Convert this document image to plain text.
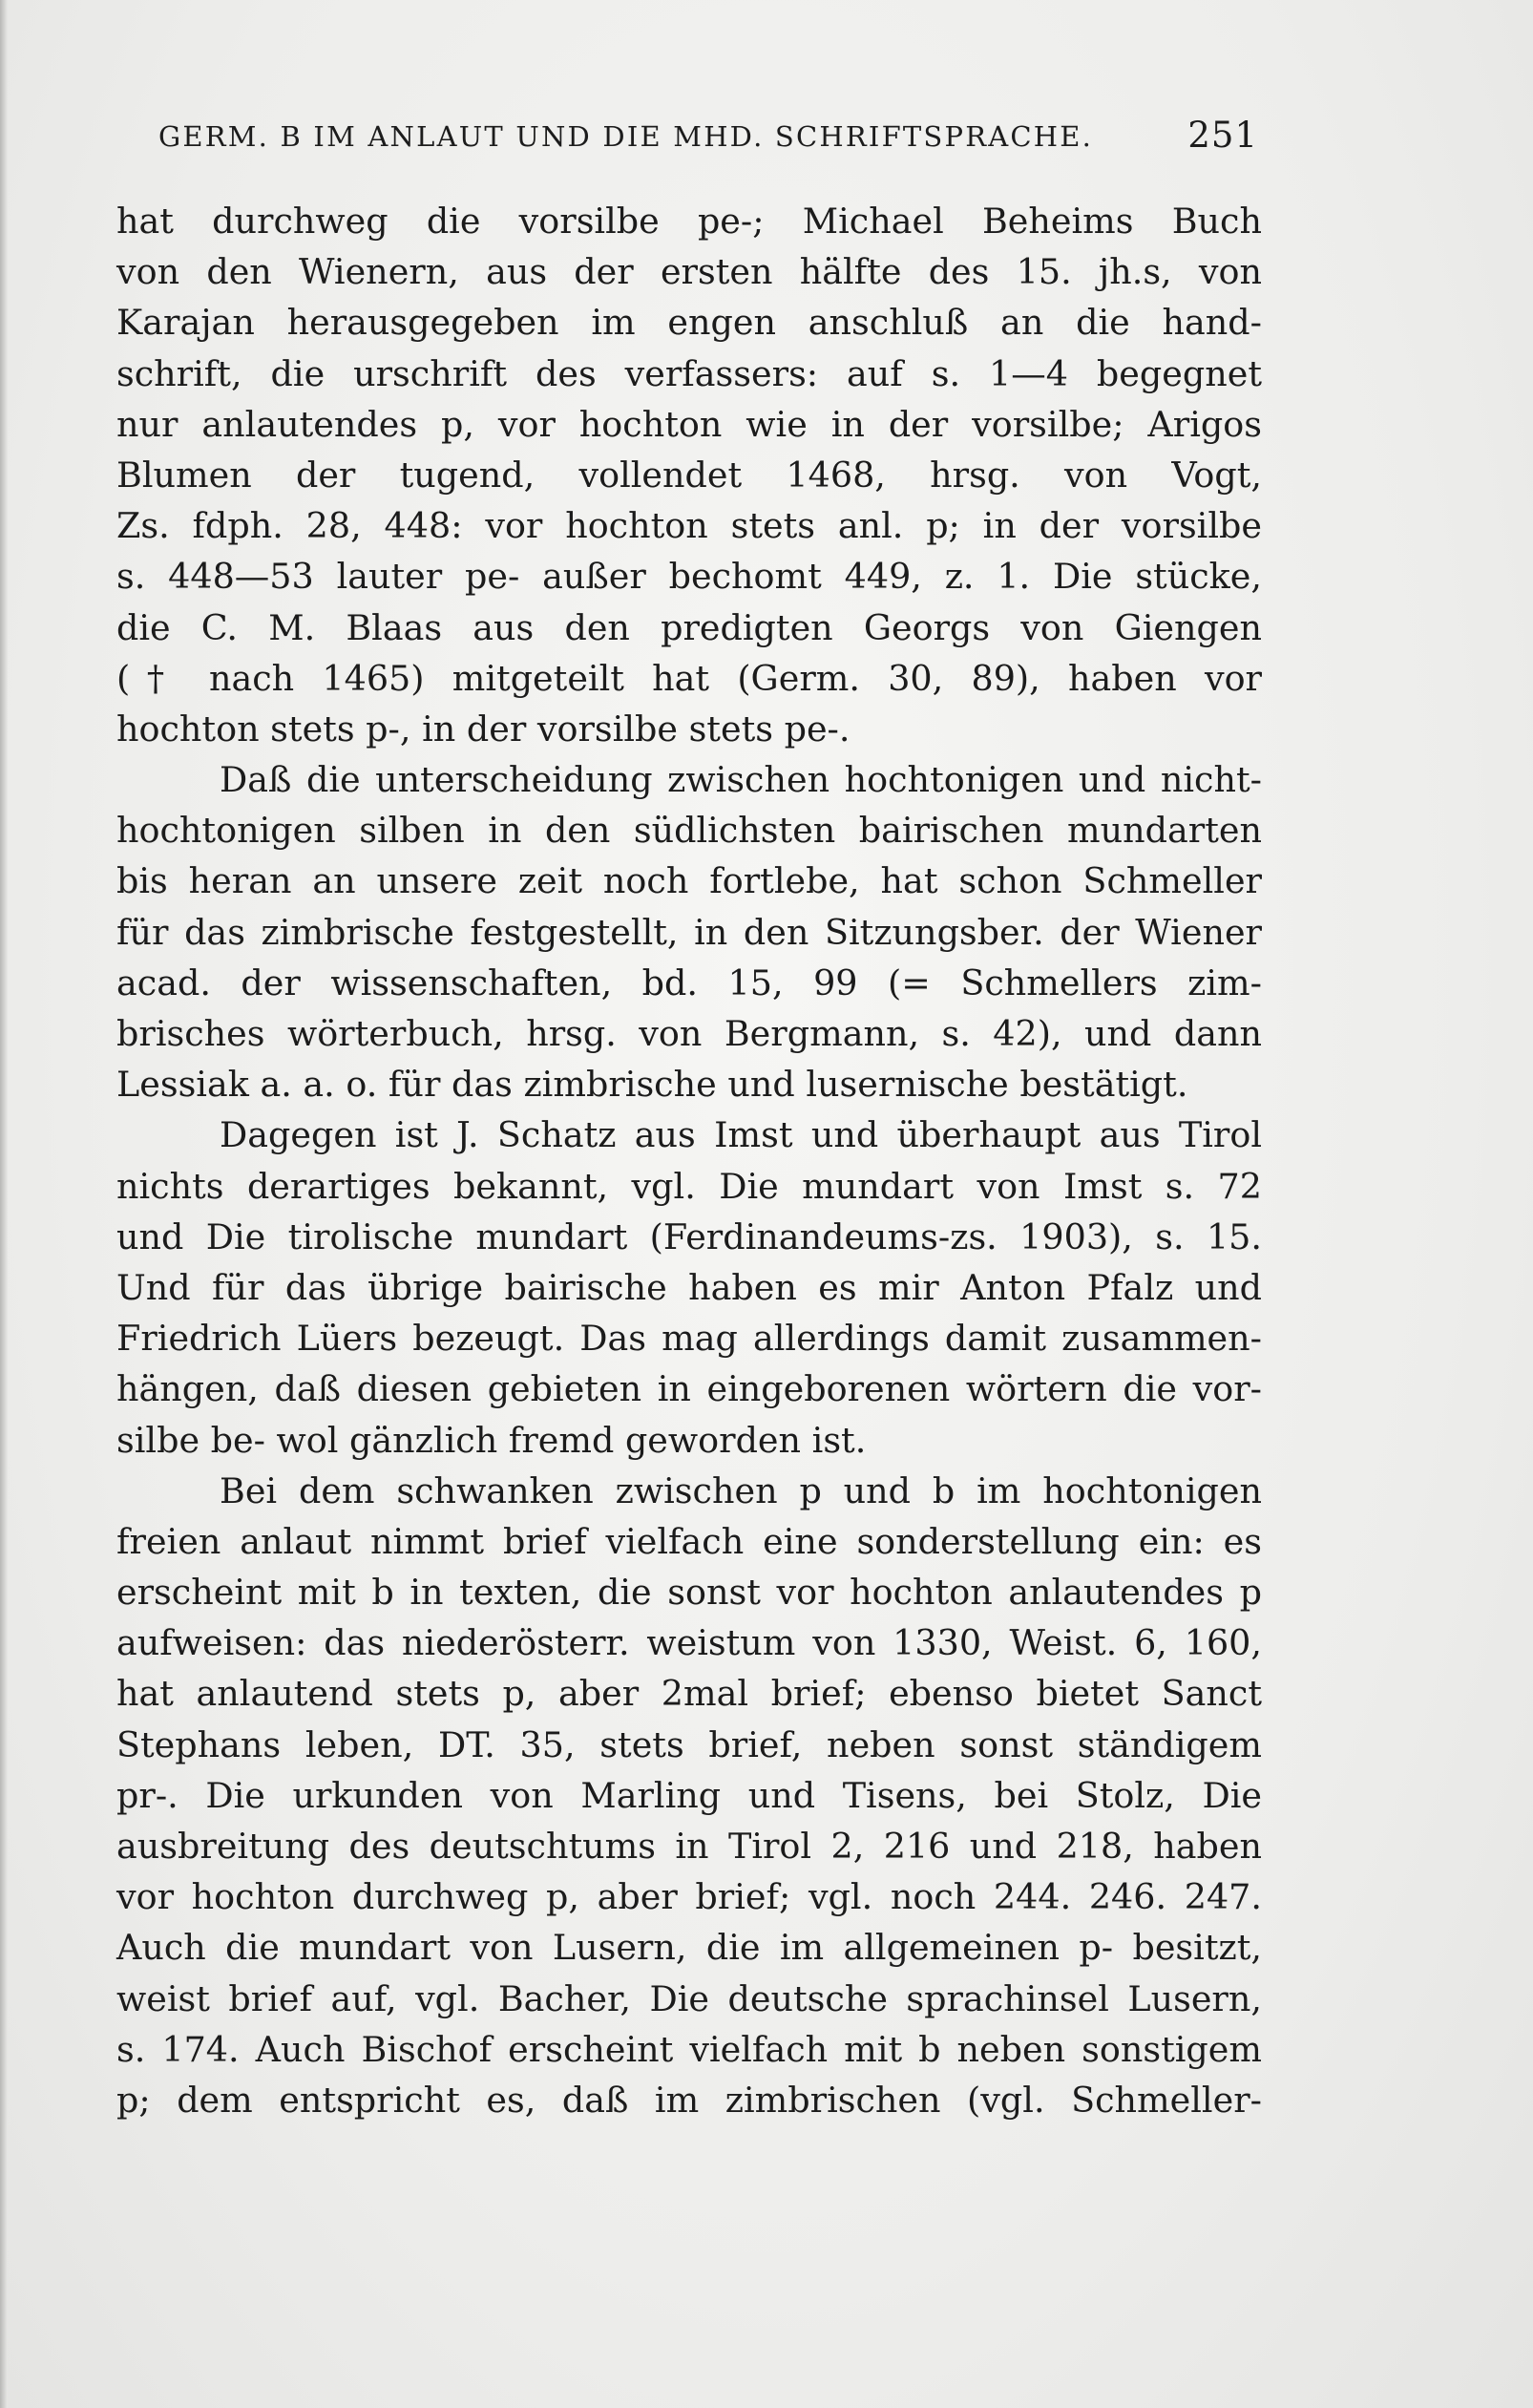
GERM. B IM ANLAUT UND DIE MHD. SCHRIFTSPRACHE.	251
hat durchweg die vorsilbe pe-; Michael Beheims Buch
von den Wienern, aus der ersten hälfte des 15. jh.s, von
Karajan herausgegeben im engen anschluß an die hand-
schrift, die urschrift des verfassers: auf s. 1—4 begegnet
nur anlautendes p, vor hochton wie in der vorsilbe; Arigos
Blumen der tugend, vollendet 1468, hrsg. von Vogt,
Zs. fdph. 28, 448: vor hochton stets anl. p; in der vorsilbe
s. 448—53 lauter pe- außer bechomt 449, z. 1. Die stücke,
die C. M. Blaas aus den predigten Georgs von Giengen
(† nach 1465) mitgeteilt hat (Germ. 30, 89), haben vor
hochton stets p-, in der vorsilbe stets pe-.
Daß die unterscheidung zwischen hochtonigen und nicht-
hochtonigen silben in den südlichsten bairischen mundarten
bis heran an unsere zeit noch fortlebe, hat schon Schmeller
für das zimbrische festgestellt, in den Sitzungsber. der Wiener
acad. der wissenschaften, bd. 15, 99 (= Schmellers zim-
brisches wörterbuch, hrsg. von Bergmann, s. 42), und dann
Lessiak a. a. o. für das zimbrische und lusernische bestätigt.
Dagegen ist J. Schatz aus Imst und überhaupt aus Tirol
nichts derartiges bekannt, vgl. Die mundart von Imst s. 72
und Die tirolische mundart (Ferdinandeums-zs. 1903), s. 15.
Und für das übrige bairische haben es mir Anton Pfalz und
Friedrich Lüers bezeugt. Das mag allerdings damit zusammen-
hängen, daß diesen gebieten in eingeborenen wörtern die vor-
silbe be- wol gänzlich fremd geworden ist.
Bei dem schwanken zwischen p und b im hochtonigen
freien anlaut nimmt brief vielfach eine sonderstellung ein: es
erscheint mit b in texten, die sonst vor hochton anlautendes p
aufweisen: das niederösterr. weistum von 1330, Weist. 6, 160,
hat anlautend stets p, aber 2mal brief; ebenso bietet Sanct
Stephans leben, DT. 35, stets brief, neben sonst ständigem
pr-. Die urkunden von Marling und Tisens, bei Stolz, Die
ausbreitung des deutschtums in Tirol 2, 216 und 218, haben
vor hochton durchweg p, aber brief; vgl. noch 244. 246. 247.
Auch die mundart von Lusern, die im allgemeinen p- besitzt,
weist brief auf, vgl. Bacher, Die deutsche sprachinsel Lusern,
s. 174. Auch Bischof erscheint vielfach mit b neben sonstigem
p; dem entspricht es, daß im zimbrischen (vgl. Schmeller-
